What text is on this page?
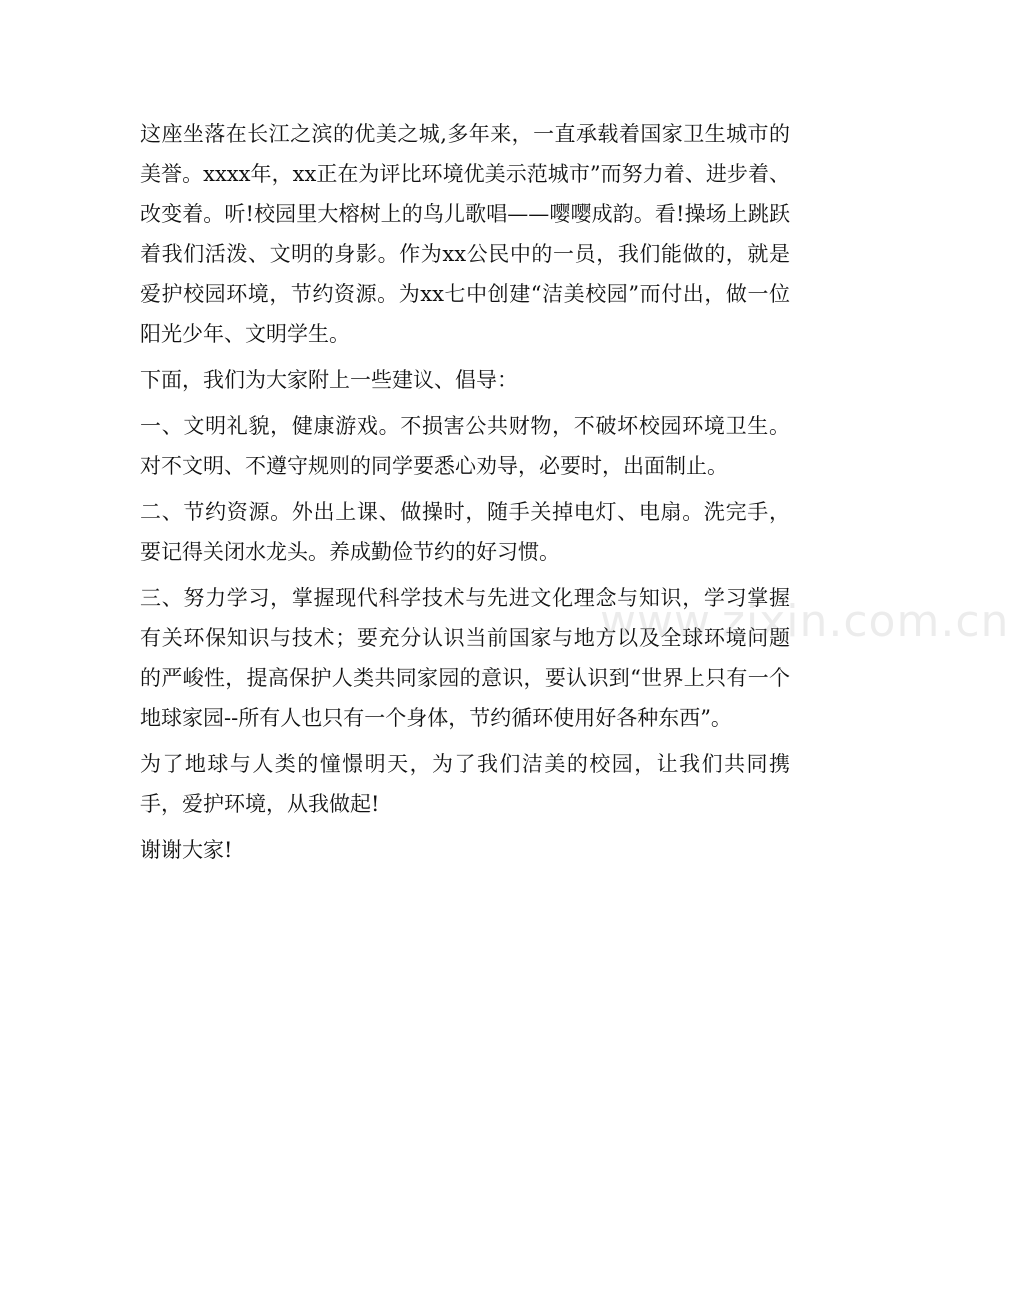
这座坐落在长江之滨的优美之城,多年来，一直承载着国家卫生城市的美誉。xxxx年，xx正在为评比环境优美示范城市”而努力着、进步着、改变着。听!校园里大榕树上的鸟儿歌唱——嘤嘤成韵。看!操场上跳跃着我们活泼、文明的身影。作为xx公民中的一员，我们能做的，就是爱护校园环境，节约资源。为xx七中创建“洁美校园”而付出，做一位阳光少年、文明学生。

下面，我们为大家附上一些建议、倡导：

一、文明礼貌，健康游戏。不损害公共财物，不破坏校园环境卫生。对不文明、不遵守规则的同学要悉心劝导，必要时，出面制止。

二、节约资源。外出上课、做操时，随手关掉电灯、电扇。洗完手，要记得关闭水龙头。养成勤俭节约的好习惯。

三、努力学习，掌握现代科学技术与先进文化理念与知识，学习掌握有关环保知识与技术；要充分认识当前国家与地方以及全球环境问题的严峻性，提高保护人类共同家园的意识，要认识到“世界上只有一个地球家园--所有人也只有一个身体，节约循环使用好各种东西”。

为了地球与人类的憧憬明天，为了我们洁美的校园，让我们共同携手，爱护环境，从我做起!

谢谢大家!

www.zixin.com.cn
